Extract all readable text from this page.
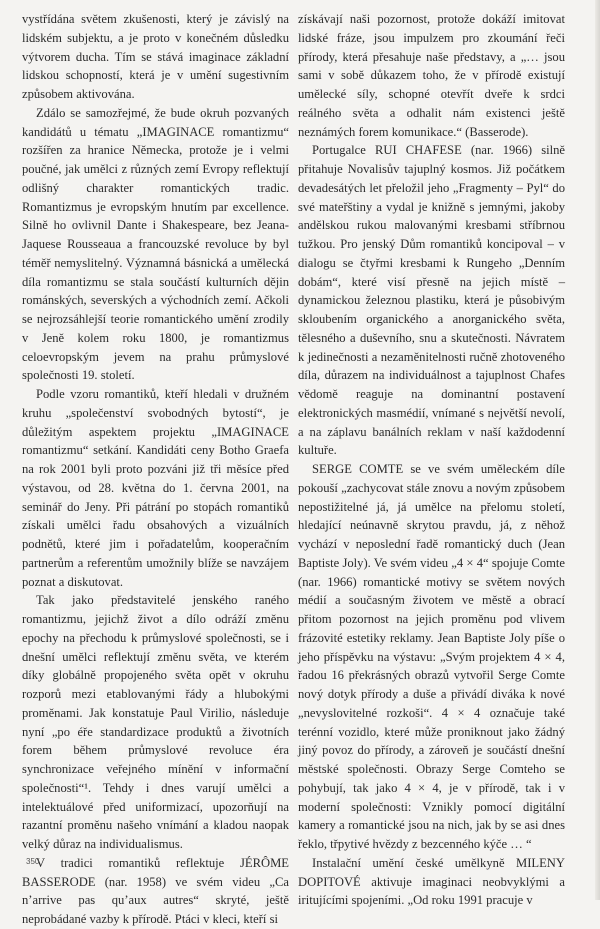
vystřídána světem zkušenosti, který je závislý na lidském subjektu, a je proto v konečném důsledku výtvorem ducha. Tím se stává imaginace základní lidskou schopností, která je v umění sugestivním způsobem aktivována.

Zdálo se samozřejmé, že bude okruh pozvaných kandidátů u tématu „IMAGINACE romantizmu“ rozšířen za hranice Německa, protože je i velmi poučné, jak umělci z různých zemí Evropy reflektují odlišný charakter romantických tradic. Romantizmus je evropským hnutím par excellence. Silně ho ovlivnil Dante i Shakespeare, bez Jeana-Jaquese Rousseaua a francouzské revoluce by byl téměř nemyslitelný. Významná básnická a umělecká díla romantizmu se stala součástí kulturních dějin románských, severských a východních zemí. Ačkoli se nejrozsáhlejší teorie romantického umění zrodily v Jeně kolem roku 1800, je romantizmus celoevropským jevem na prahu průmyslové společnosti 19. století.

Podle vzoru romantiků, kteří hledali v družném kruhu „společenství svobodných bytostí“, je důležitým aspektem projektu „IMAGINACE romantizmu“ setkání. Kandidáti ceny Botho Graefa na rok 2001 byli proto pozváni již tři měsíce před výstavou, od 28. května do 1. června 2001, na seminář do Jeny. Při pátrání po stopách romantiků získali umělci řadu obsahových a vizuálních podnětů, které jim i pořadatelům, kooperačním partnerům a referentům umožnily blíže se navzájem poznat a diskutovat.

Tak jako představitelé jenského raného romantizmu, jejichž život a dílo odráží změnu epochy na přechodu k průmyslové společnosti, se i dnešní umělci reflektují změnu světa, ve kterém díky globálně propojeného světa opět v okruhu rozporů mezi etablovanými řády a hlubokými proměnami. Jak konstatuje Paul Virilio, následuje nyní „po éře standardizace produktů a životních forem během průmyslové revoluce éra synchronizace veřejného mínění v informační společnosti“¹. Tehdy i dnes varují umělci a intelektuálové před uniformizací, upozorňují na razantní proměnu našeho vnímání a kladou naopak velký důraz na individualismus.

V tradici romantiků reflektuje JÉRÔME BASSERODE (nar. 1958) ve svém videu „Ca n’arrive pas qu’aux autres“ skryté, ještě neprobádané vazby k přírodě. Ptáci v kleci, kteří si

získávají naši pozornost, protože dokáží imitovat lidské fráze, jsou impulzem pro zkoumání řeči přírody, která přesahuje naše představy, a „… jsou sami v sobě důkazem toho, že v přírodě existují umělecké síly, schopné otevřít dveře k srdci reálného světa a odhalit nám existenci ještě neznámých forem komunikace.“ (Basserode).

Portugalce RUI CHAFESE (nar. 1966) silně přitahuje Novalisův tajuplný kosmos. Již počátkem devadesátých let přeložil jeho „Fragmenty – Pyl“ do své mateřštiny a vydal je knižně s jemnými, jakoby andělskou rukou malovanými kresbami stříbrnou tužkou. Pro jenský Dům romantiků koncipoval – v dialogu se čtyřmi kresbami k Rungeho „Denním dobám“, které visí přesně na jejich místě – dynamickou železnou plastiku, která je působivým skloubením organického a anorganického světa, tělesného a duševního, snu a skutečnosti. Návratem k jedinečnosti a nezaměnitelnosti ručně zhotoveného díla, důrazem na individuálnost a tajuplnost Chafes vědomě reaguje na dominantní postavení elektronických masmédií, vnímané s největší nevolí, a na záplavu banálních reklam v naší každodenní kultuře.

SERGE COMTE se ve svém uměleckém díle pokouší „zachycovat stále znovu a novým způsobem nepostižitelné já, já umělce na přelomu století, hledající neúnavně skrytou pravdu, já, z něhož vychází v neposlední řadě romantický duch (Jean Baptiste Joly). Ve svém videu „4 × 4“ spojuje Comte (nar. 1966) romantické motivy se světem nových médií a současným životem ve městě a obrací přitom pozornost na jejich proměnu pod vlivem frázovité estetiky reklamy. Jean Baptiste Joly píše o jeho příspěvku na výstavu: „Svým projektem 4 × 4, řadou 16 překrásných obrazů vytvořil Serge Comte nový dotyk přírody a duše a přivádí diváka k nové „nevyslovitelné rozkoši“. 4 × 4 označuje také terénní vozidlo, které může proniknout jako žádný jiný povoz do přírody, a zároveň je součástí dnešní městské společnosti. Obrazy Serge Comteho se pohybují, tak jako 4 × 4, je v přírodě, tak i v moderní společnosti: Vznikly pomocí digitální kamery a romantické jsou na nich, jak by se asi dnes řeklo, třpytivé hvězdy z bezcenného kýče … “

Instalační umění české umělkyně MILENY DOPITOVÉ aktivuje imaginaci neobvyklými a iritujícími spojeními. „Od roku 1991 pracuje v

350
